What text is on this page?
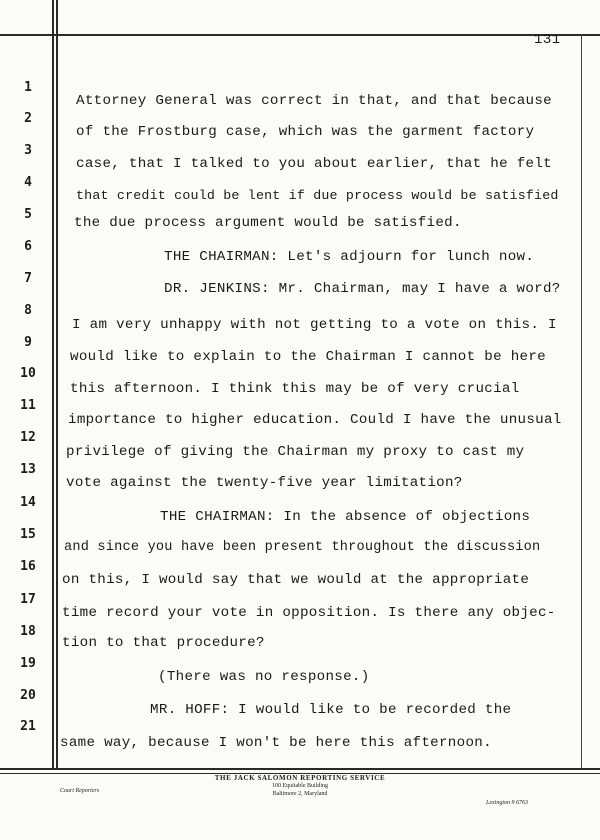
131
1
2
3
4
5
6
7
8
9
10
11
12
13
14
15
16
17
18
19
20
21
Attorney General was correct in that, and that because
of the Frostburg case, which was the garment factory
case, that I talked to you about earlier, that he felt
that credit could be lent if due process would be satisfied
the due process argument would be satisfied.
THE CHAIRMAN: Let's adjourn for lunch now.
DR. JENKINS: Mr. Chairman, may I have a word?
I am very unhappy with not getting to a vote on this. I
would like to explain to the Chairman I cannot be here
this afternoon. I think this may be of very crucial
importance to higher education. Could I have the unusual
privilege of giving the Chairman my proxy to cast my
vote against the twenty-five year limitation?
THE CHAIRMAN: In the absence of objections
and since you have been present throughout the discussion
on this, I would say that we would at the appropriate
time record your vote in opposition. Is there any objec-
tion to that procedure?
(There was no response.)
MR. HOFF: I would like to be recorded the
same way, because I won't be here this afternoon.
THE JACK SALOMON REPORTING SERVICE
100 Equitable Building
Baltimore 2, Maryland
Court Reporters
Lexington 9 6763
